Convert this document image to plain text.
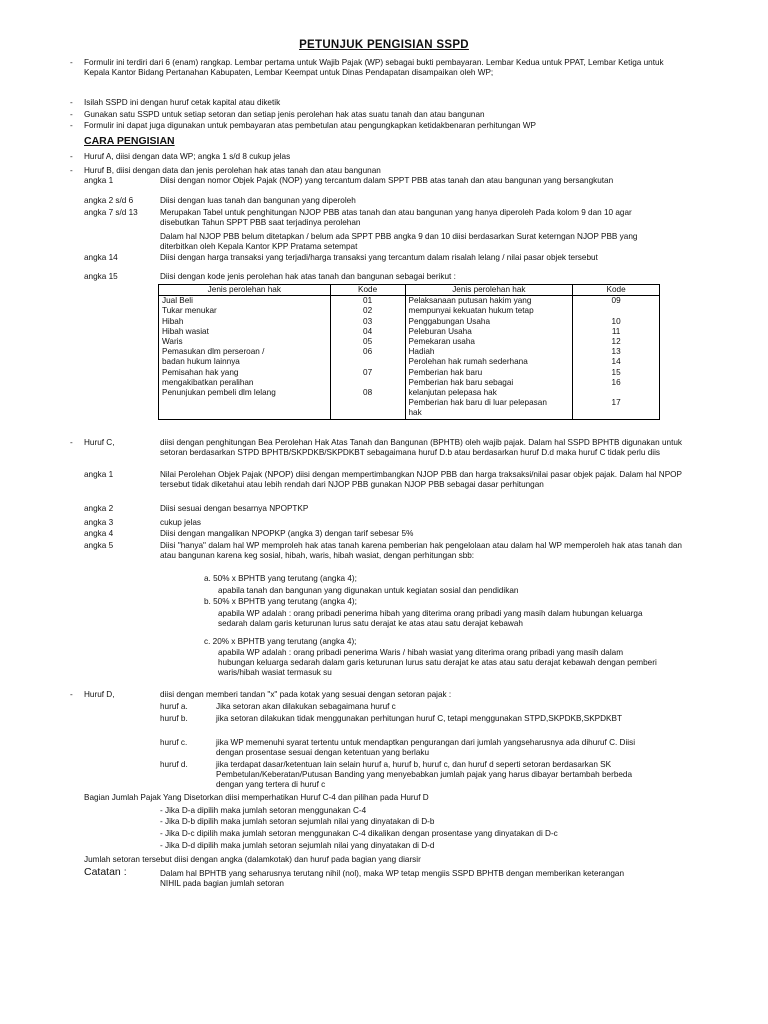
PETUNJUK PENGISIAN SSPD
- Formulir ini terdiri dari 6 (enam) rangkap. Lembar pertama untuk Wajib Pajak (WP) sebagai bukti pembayaran. Lembar Kedua untuk PPAT, Lembar Ketiga untuk Kepala Kantor Bidang Pertanahan Kabupaten, Lembar Keempat untuk Dinas Pendapatan disampaikan oleh WP;
- Isilah SSPD ini dengan huruf cetak kapital atau diketik
- Gunakan satu SSPD untuk setiap setoran dan setiap jenis perolehan hak atas suatu tanah dan atau bangunan
- Formulir ini dapat juga digunakan untuk pembayaran atas pembetulan atau pengungkapkan ketidakbenaran perhitungan WP
CARA PENGISIAN
- Huruf A, diisi dengan data WP; angka 1 s/d 8 cukup jelas
- Huruf B, diisi dengan data dan jenis perolehan hak atas tanah dan atau bangunan
angka 1	Diisi dengan nomor Objek Pajak (NOP) yang tercantum dalam SPPT PBB atas tanah dan atau bangunan yang bersangkutan
angka 2 s/d 6	Diisi dengan luas tanah dan bangunan yang diperoleh
angka 7 s/d 13	Merupakan Tabel untuk penghitungan NJOP PBB atas tanah dan atau bangunan yang hanya diperoleh Pada kolom 9 dan 10 agar disebutkan Tahun SPPT PBB saat terjadinya perolehan
Dalam hal NJOP PBB belum ditetapkan / belum ada SPPT PBB angka 9 dan 10 diisi berdasarkan Surat keterngan NJOP PBB yang diterbitkan oleh Kepala Kantor KPP Pratama setempat
angka 14	Diisi dengan harga transaksi yang terjadi/harga transaksi yang tercantum dalam risalah lelang / nilai pasar objek tersebut
angka 15	Diisi dengan kode jenis perolehan hak atas tanah dan bangunan sebagai berikut :
Jenis perolehan hak	Kode	Jenis perolehan hak	Kode
Jual Beli	01	Pelaksanaan putusan hakim yang	09
Tukar menukar	02	mempunyai kekuatan hukum tetap	
Hibah	03	Penggabungan Usaha	10
Hibah wasiat	04	Peleburan Usaha	11
Waris	05	Pemekaran usaha	12
Pemasukan dlm perseroan /	06	Hadiah	13
badan hukum lainnya		Perolehan hak rumah sederhana	14
Pemisahan hak yang	07	Pemberian hak baru	15
mengakibatkan peralihan		Pemberian hak baru sebagai	16
Penunjukan pembeli dlm lelang	08	kelanjutan pelepasa hak	
		Pemberian hak baru di luar pelepasan	17
		hak	
- Huruf C,	diisi dengan penghitungan Bea Perolehan Hak Atas Tanah dan Bangunan (BPHTB) oleh wajib pajak. Dalam hal SSPD BPHTB digunakan untuk setoran berdasarkan STPD BPHTB/SKPDKB/SKPDKBT sebagaimana huruf D.b atau berdasarkan huruf D.d maka huruf C tidak perlu diis
angka 1	Nilai Perolehan Objek Pajak (NPOP) diisi dengan mempertimbangkan NJOP PBB dan harga traksaksi/nilai pasar objek pajak. Dalam hal NPOP tersebut tidak diketahui atau lebih rendah dari NJOP PBB gunakan NJOP PBB sebagai dasar perhitungan
angka 2	Diisi sesuai dengan besarnya NPOPTKP
angka 3	cukup jelas
angka 4	Diisi dengan mangalikan NPOPKP (angka 3) dengan tarif sebesar 5%
angka 5	Diisi "hanya" dalam hal WP memproleh hak atas tanah karena pemberian hak pengelolaan atau dalam hal WP memperoleh hak atas tanah dan atau bangunan karena keg sosial, hibah, waris, hibah wasiat, dengan perhitungan sbb:
a. 50% x BPHTB yang terutang (angka 4);
apabila tanah dan bangunan yang digunakan untuk kegiatan sosial dan pendidikan
b. 50% x BPHTB yang terutang (angka 4);
apabila WP adalah : orang pribadi penerima hibah yang diterima orang pribadi yang masih dalam hubungan keluarga sedarah dalam garis keturunan lurus satu derajat ke atas atau satu derajat kebawah
c. 20% x BPHTB yang terutang (angka 4);
apabila WP adalah : orang pribadi penerima Waris / hibah wasiat yang diterima orang pribadi yang masih dalam hubungan keluarga sedarah dalam garis keturunan lurus satu derajat ke atas atau satu derajat kebawah dengan pemberi waris/hibah wasiat termasuk su
- Huruf D,	diisi dengan memberi tandan "x" pada kotak yang sesuai dengan setoran pajak :
huruf a.	Jika setoran akan dilakukan sebagaimana huruf c
huruf b.	jika setoran dilakukan tidak menggunakan perhitungan huruf C, tetapi menggunakan STPD,SKPDKB,SKPDKBT
huruf c.	jika WP memenuhi syarat tertentu untuk mendaptkan pengurangan dari jumlah yangseharusnya ada dihuruf C. Diisi dengan prosentase sesuai dengan ketentuan yang berlaku
huruf d.	jika terdapat dasar/ketentuan lain selain huruf a, huruf b, huruf c, dan huruf d seperti setoran berdasarkan SK Pembetulan/Keberatan/Putusan Banding yang menyebabkan jumlah pajak yang harus dibayar bertambah berbeda dengan yang tertera di huruf c
Bagian Jumlah Pajak Yang Disetorkan diisi memperhatikan Huruf C-4 dan pilihan pada Huruf D
- Jika D-a dipilih maka jumlah setoran menggunakan C-4
- Jika D-b dipilih maka jumlah setoran sejumlah nilai yang dinyatakan di D-b
- Jika D-c dipilih maka jumlah setoran menggunakan C-4 dikalikan dengan prosentase yang dinyatakan di D-c
- Jika D-d dipilih maka jumlah setoran sejumlah nilai yang dinyatakan di D-d
Jumlah setoran tersebut diisi dengan angka (dalamkotak) dan huruf pada bagian yang diarsir
Catatan :	Dalam hal BPHTB yang seharusnya terutang nihil (nol), maka WP tetap mengiis SSPD BPHTB dengan memberikan keterangan NIHIL pada bagian jumlah setoran
